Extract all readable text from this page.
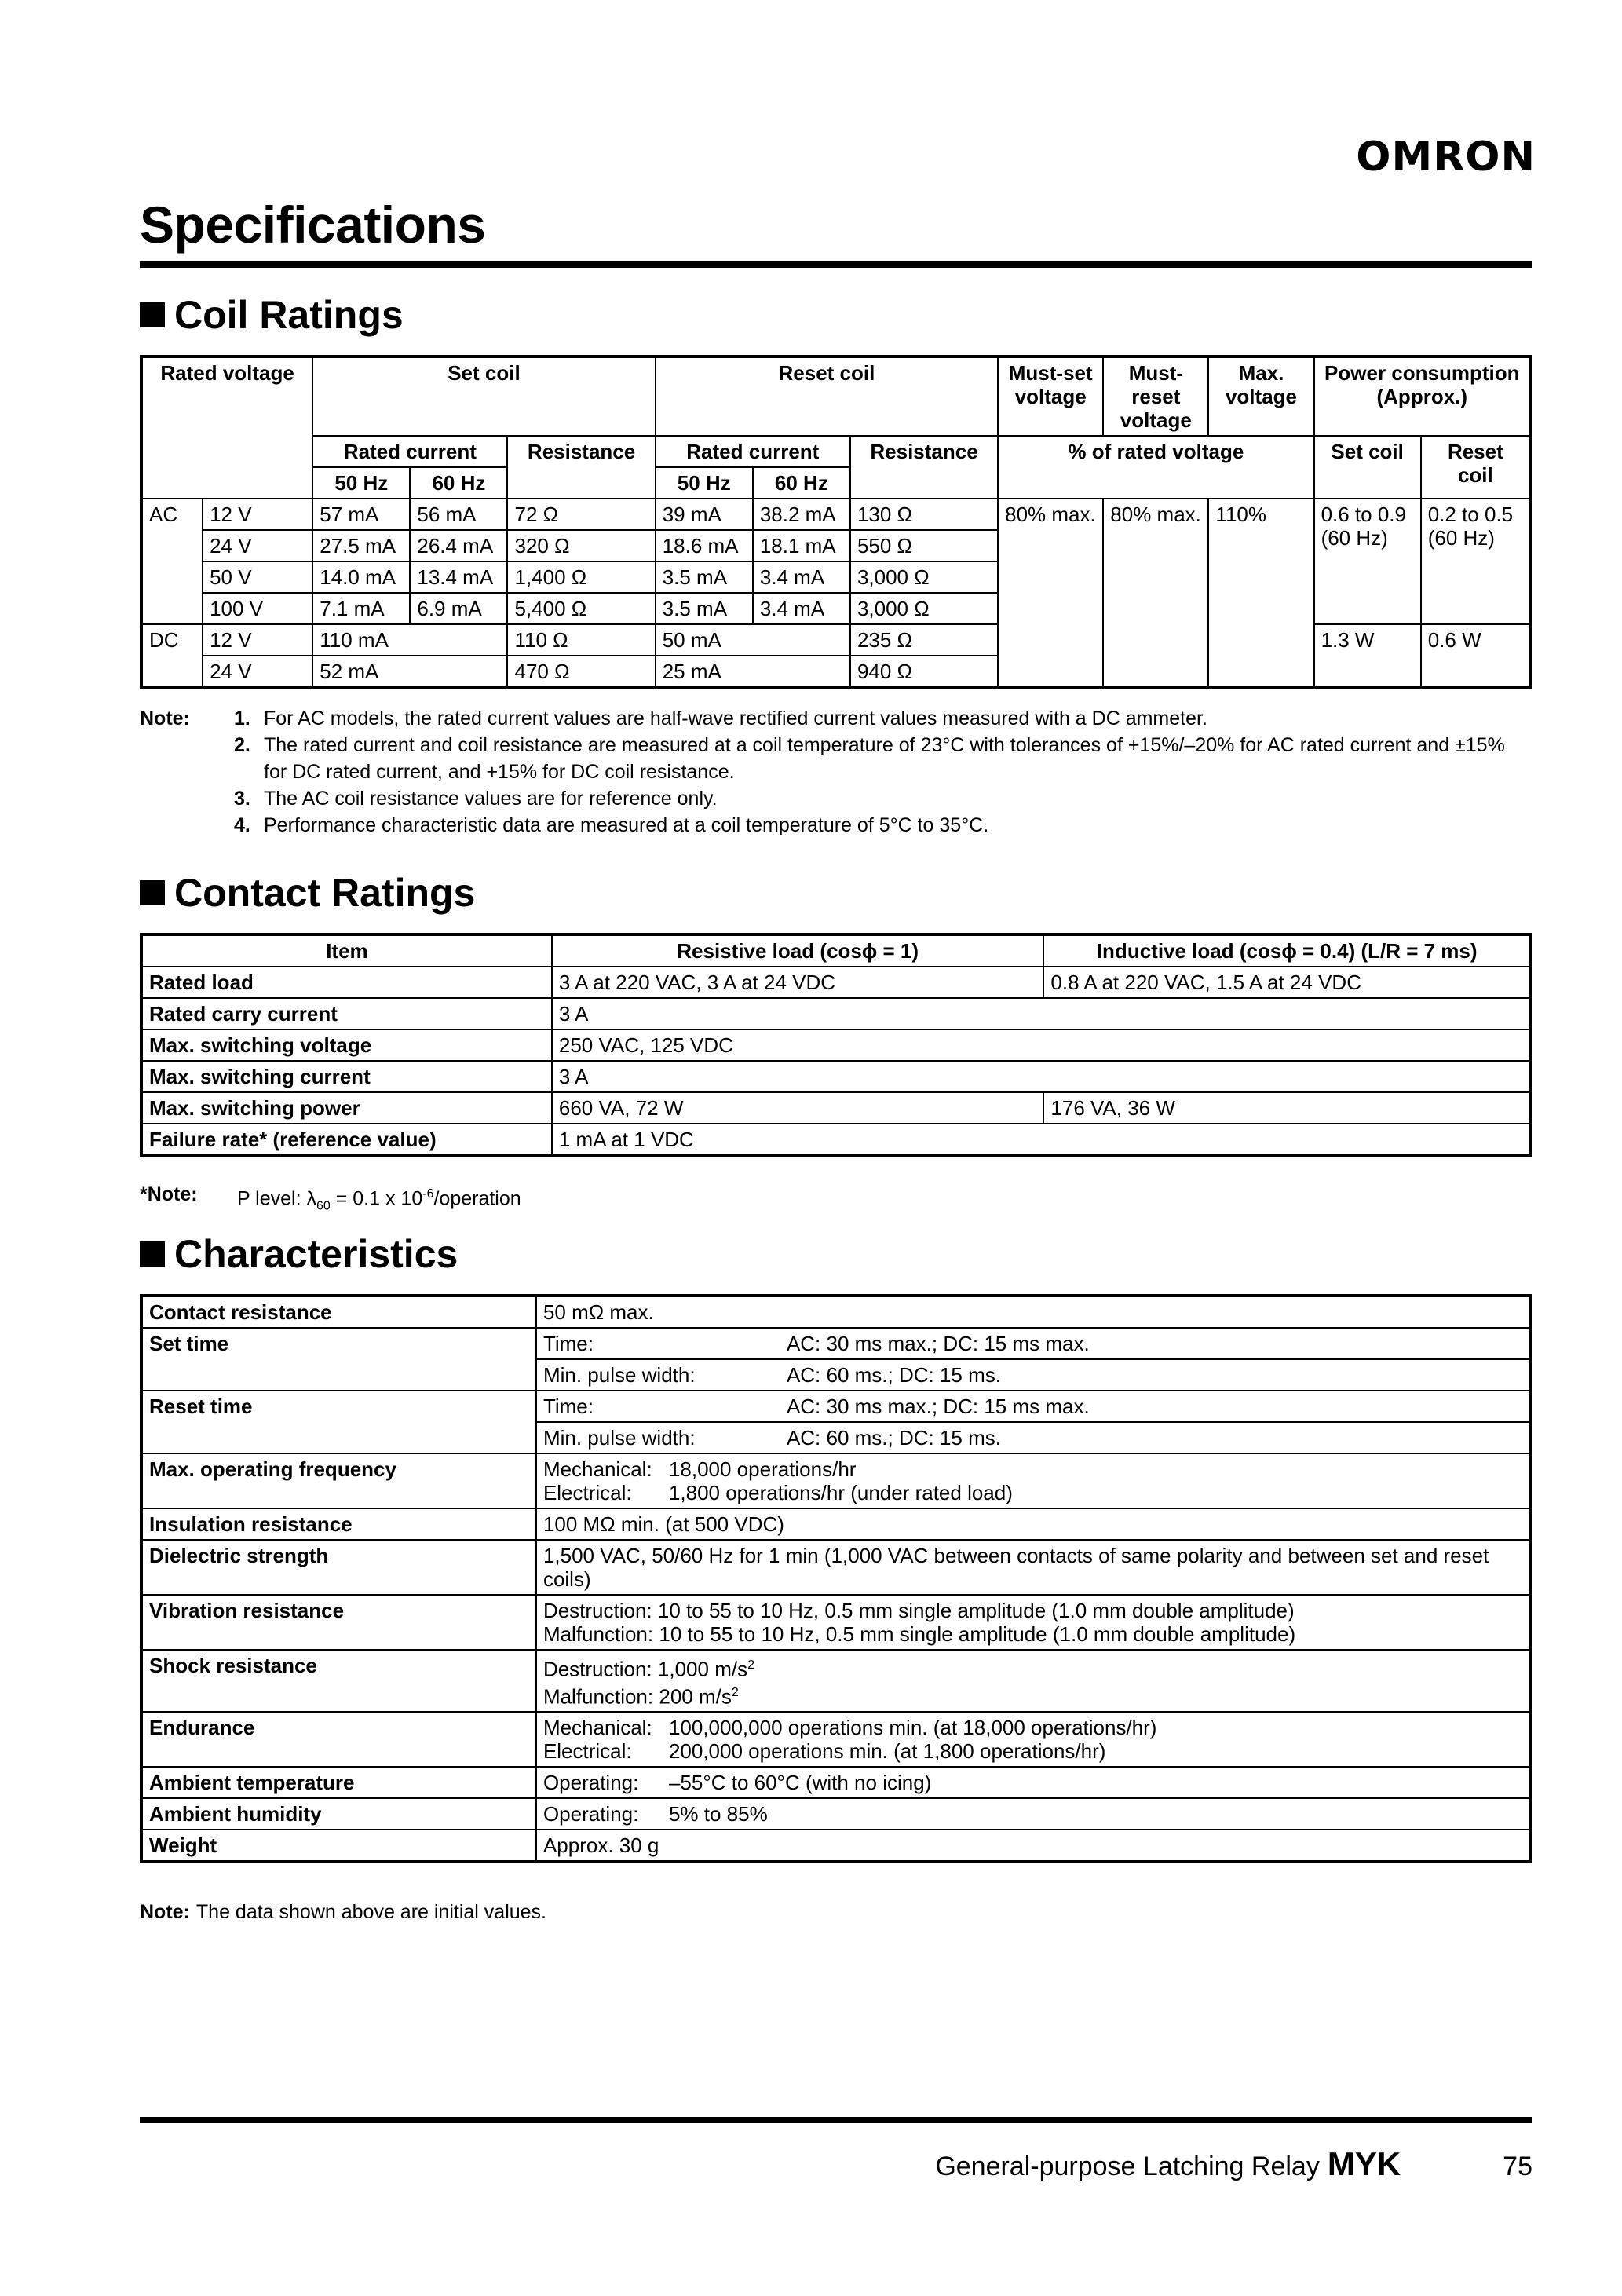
OMRON
Specifications
Coil Ratings
Rated voltage		Set coil			Reset coil			Must-set voltage	Must-reset voltage	Max. voltage	Power consumption (Approx.)	
		Rated current		Resistance	Rated current		Resistance	% of rated voltage			Set coil	Reset coil
		50 Hz	60 Hz		50 Hz	60 Hz						
AC	12 V	57 mA	56 mA	72 Ω	39 mA	38.2 mA	130 Ω	80% max.	80% max.	110%	0.6 to 0.9 (60 Hz)	0.2 to 0.5 (60 Hz)
	24 V	27.5 mA	26.4 mA	320 Ω	18.6 mA	18.1 mA	550 Ω					
	50 V	14.0 mA	13.4 mA	1,400 Ω	3.5 mA	3.4 mA	3,000 Ω					
	100 V	7.1 mA	6.9 mA	5,400 Ω	3.5 mA	3.4 mA	3,000 Ω					
DC	12 V	110 mA		110 Ω	50 mA		235 Ω				1.3 W	0.6 W
	24 V	52 mA		470 Ω	25 mA		940 Ω					
Note:	1. For AC models, the rated current values are half-wave rectified current values measured with a DC ammeter.
2. The rated current and coil resistance are measured at a coil temperature of 23°C with tolerances of +15%/–20% for AC rated current and ±15% for DC rated current, and +15% for DC coil resistance.
3. The AC coil resistance values are for reference only.
4. Performance characteristic data are measured at a coil temperature of 5°C to 35°C.
Contact Ratings
Item	Resistive load (cosϕ = 1)	Inductive load (cosϕ = 0.4) (L/R = 7 ms)
Rated load	3 A at 220 VAC, 3 A at 24 VDC	0.8 A at 220 VAC, 1.5 A at 24 VDC
Rated carry current	3 A	
Max. switching voltage	250 VAC, 125 VDC	
Max. switching current	3 A	
Max. switching power	660 VA, 72 W	176 VA, 36 W
Failure rate* (reference value)	1 mA at 1 VDC	
*Note:	P level: $\lambda_{60} = 0.1$ x $10^{-6}$/operation
Characteristics
Contact resistance	50 mΩ max.
Set time	Time: AC: 30 ms max.; DC: 15 ms max.
	Min. pulse width: AC: 60 ms.; DC: 15 ms.
Reset time	Time: AC: 30 ms max.; DC: 15 ms max.
	Min. pulse width: AC: 60 ms.; DC: 15 ms.
Max. operating frequency	Mechanical: 18,000 operations/hr
Electrical: 1,800 operations/hr (under rated load)

Insulation resistance	100 MΩ min. (at 500 VDC)
Dielectric strength	1,500 VAC, 50/60 Hz for 1 min (1,000 VAC between contacts of same polarity and between set and reset coils)
Vibration resistance	Destruction: 10 to 55 to 10 Hz, 0.5 mm single amplitude (1.0 mm double amplitude)
Malfunction: 10 to 55 to 10 Hz, 0.5 mm single amplitude (1.0 mm double amplitude)

Shock resistance	Destruction: 1,000 $m/s^2$
Malfunction: 200 $m/s^2$

Endurance	Mechanical: 100,000,000 operations min. (at 18,000 operations/hr)
Electrical: 200,000 operations min. (at 1,800 operations/hr)

Ambient temperature	Operating: –55°C to 60°C (with no icing)
Ambient humidity	Operating: 5% to 85%
Weight	Approx. 30 g
Note: The data shown above are initial values.
General-purpose Latching Relay MYK	75
